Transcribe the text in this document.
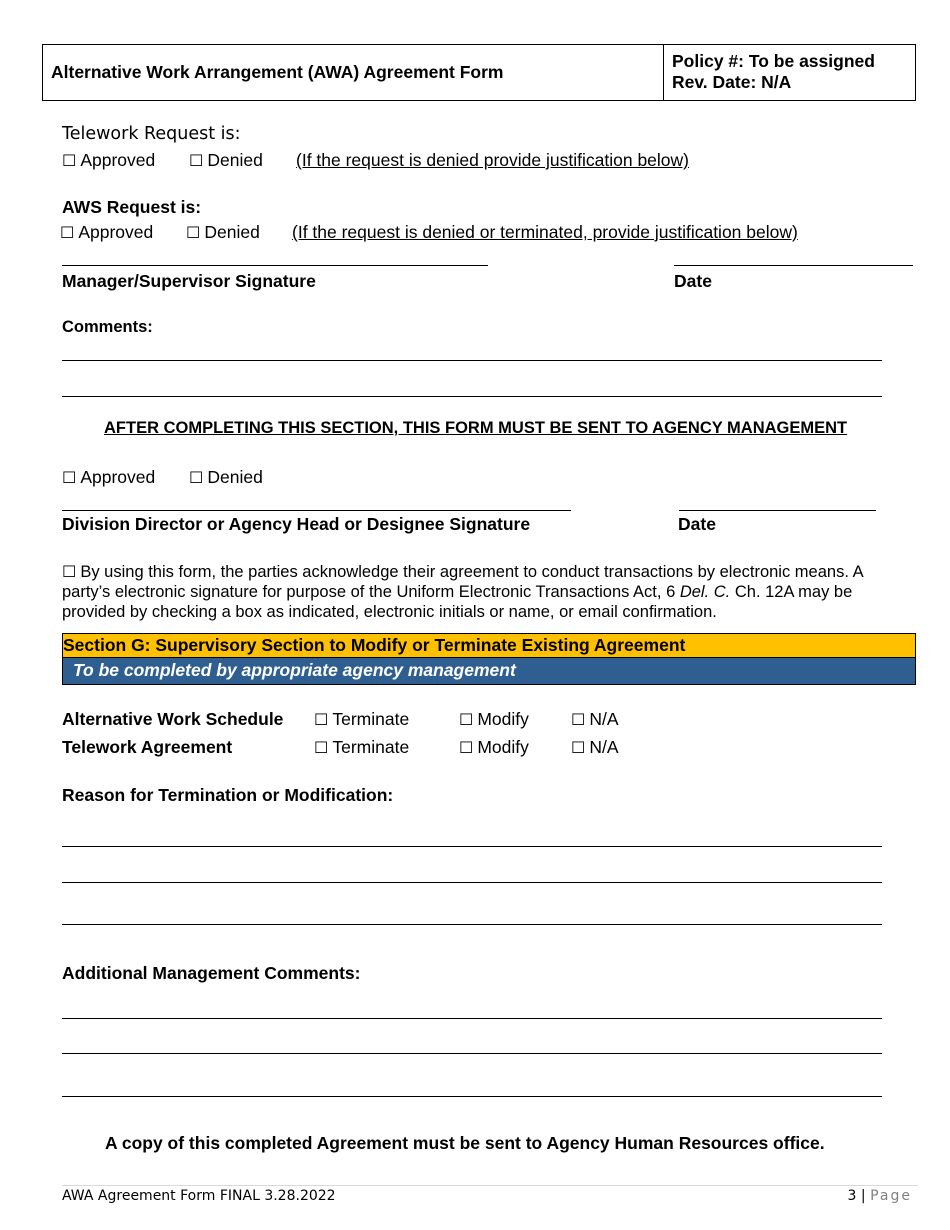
Alternative Work Arrangement (AWA) Agreement Form
Policy #: To be assigned
Rev. Date: N/A
Telework Request is:
☐ Approved ☐ Denied (If the request is denied provide justification below)
AWS Request is:
☐ Approved ☐ Denied (If the request is denied or terminated, provide justification below)
Manager/Supervisor Signature	Date
Comments:
AFTER COMPLETING THIS SECTION, THIS FORM MUST BE SENT TO AGENCY MANAGEMENT
☐ Approved ☐ Denied
Division Director or Agency Head or Designee Signature	Date
☐ By using this form, the parties acknowledge their agreement to conduct transactions by electronic means. A party’s electronic signature for purpose of the Uniform Electronic Transactions Act, 6 Del. C. Ch. 12A may be provided by checking a box as indicated, electronic initials or name, or email confirmation.
Section G: Supervisory Section to Modify or Terminate Existing Agreement
To be completed by appropriate agency management
Alternative Work Schedule ☐ Terminate	☐ Modify	☐ N/A
Telework Agreement	☐ Terminate	☐ Modify	☐ N/A
Reason for Termination or Modification:
Additional Management Comments:
A copy of this completed Agreement must be sent to Agency Human Resources office.
AWA Agreement Form FINAL 3.28.2022	3 | Page
